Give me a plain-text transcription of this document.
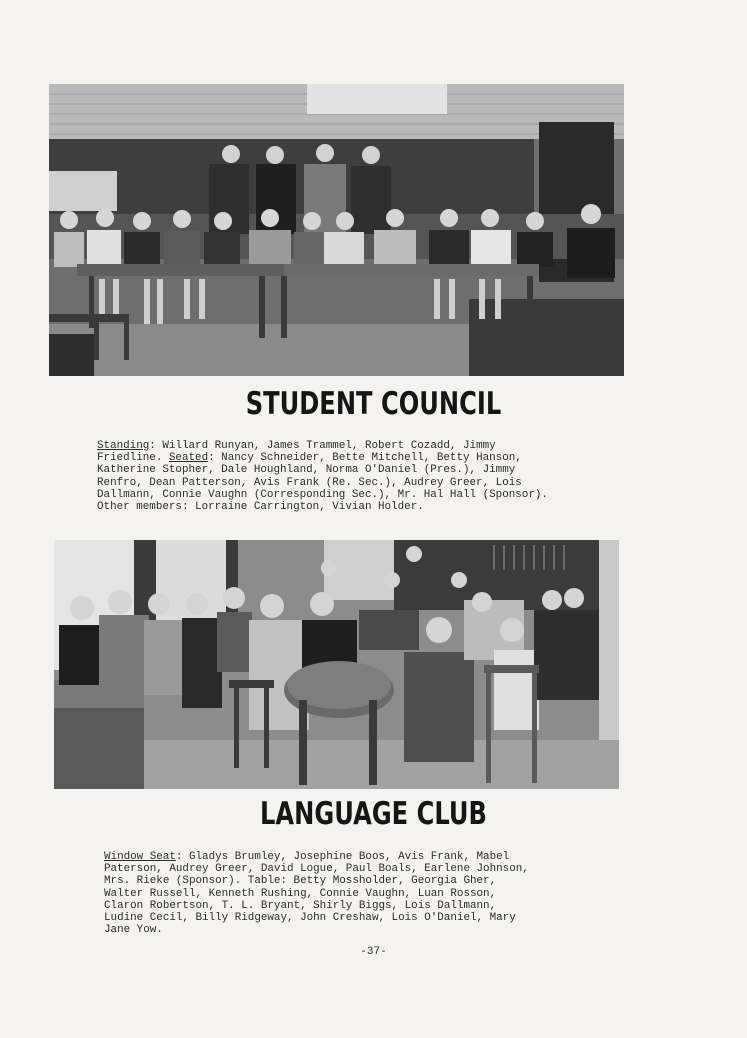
STUDENT COUNCIL

Standing: Willard Runyan, James Trammel, Robert Cozadd, Jimmy
Friedline. Seated: Nancy Schneider, Bette Mitchell, Betty Hanson,
Katherine Stopher, Dale Houghland, Norma O'Daniel (Pres.), Jimmy
Renfro, Dean Patterson, Avis Frank (Re. Sec.), Audrey Greer, Lois
Dallmann, Connie Vaughn (Corresponding Sec.), Mr. Hal Hall (Sponsor).
Other members: Lorraine Carrington, Vivian Holder.

LANGUAGE CLUB

Window Seat: Gladys Brumley, Josephine Boos, Avis Frank, Mabel
Paterson, Audrey Greer, David Logue, Paul Boals, Earlene Johnson,
Mrs. Rieke (Sponsor). Table: Betty Mossholder, Georgia Gher,
Walter Russell, Kenneth Rushing, Connie Vaughn, Luan Rosson,
Claron Robertson, T. L. Bryant, Shirly Biggs, Lois Dallmann,
Ludine Cecil, Billy Ridgeway, John Creshaw, Lois O'Daniel, Mary
Jane Yow.

-37-
